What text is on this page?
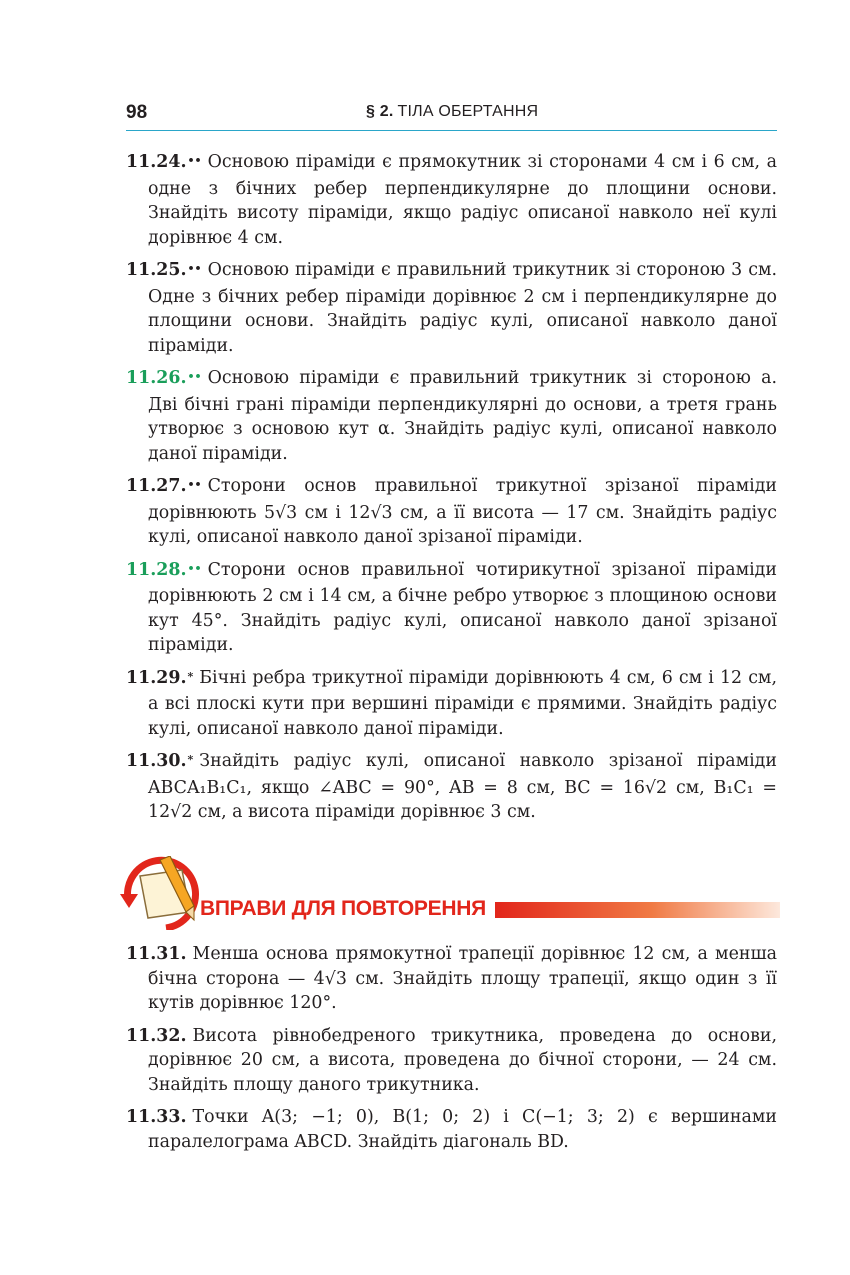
98	§ 2. ТІЛА ОБЕРТАННЯ
11.24.•• Основою піраміди є прямокутник зі сторонами 4 см і 6 см, а одне з бічних ребер перпендикулярне до площини основи. Знайдіть висоту піраміди, якщо радіус описаної навколо неї кулі дорівнює 4 см.
11.25.•• Основою піраміди є правильний трикутник зі стороною 3 см. Одне з бічних ребер піраміди дорівнює 2 см і перпендикулярне до площини основи. Знайдіть радіус кулі, описаної навколо даної піраміди.
11.26.•• Основою піраміди є правильний трикутник зі стороною a. Дві бічні грані піраміди перпендикулярні до основи, а третя грань утворює з основою кут α. Знайдіть радіус кулі, описаної навколо даної піраміди.
11.27.•• Сторони основ правильної трикутної зрізаної піраміди дорівнюють 5√3 см і 12√3 см, а її висота — 17 см. Знайдіть радіус кулі, описаної навколо даної зрізаної піраміди.
11.28.•• Сторони основ правильної чотирикутної зрізаної піраміди дорівнюють 2 см і 14 см, а бічне ребро утворює з площиною основи кут 45°. Знайдіть радіус кулі, описаної навколо даної зрізаної піраміди.
11.29.* Бічні ребра трикутної піраміди дорівнюють 4 см, 6 см і 12 см, а всі плоскі кути при вершині піраміди є прямими. Знайдіть радіус кулі, описаної навколо даної піраміди.
11.30.* Знайдіть радіус кулі, описаної навколо зрізаної піраміди ABCA₁B₁C₁, якщо ∠ABC = 90°, AB = 8 см, BC = 16√2 см, B₁C₁ = 12√2 см, а висота піраміди дорівнює 3 см.
ВПРАВИ ДЛЯ ПОВТОРЕННЯ
11.31. Менша основа прямокутної трапеції дорівнює 12 см, а менша бічна сторона — 4√3 см. Знайдіть площу трапеції, якщо один з її кутів дорівнює 120°.
11.32. Висота рівнобедреного трикутника, проведена до основи, дорівнює 20 см, а висота, проведена до бічної сторони, — 24 см. Знайдіть площу даного трикутника.
11.33. Точки A(3; −1; 0), B(1; 0; 2) і C(−1; 3; 2) є вершинами паралелограма ABCD. Знайдіть діагональ BD.
